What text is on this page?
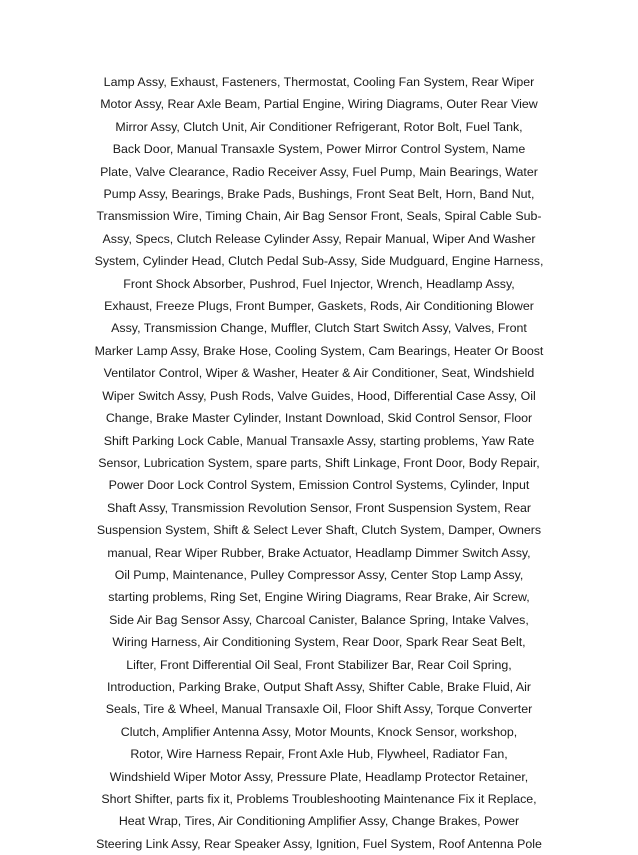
Lamp Assy, Exhaust, Fasteners, Thermostat, Cooling Fan System, Rear Wiper
Motor Assy, Rear Axle Beam, Partial Engine, Wiring Diagrams, Outer Rear View
Mirror Assy, Clutch Unit, Air Conditioner Refrigerant, Rotor Bolt, Fuel Tank,
Back Door, Manual Transaxle System, Power Mirror Control System, Name
Plate, Valve Clearance, Radio Receiver Assy, Fuel Pump, Main Bearings, Water
Pump Assy, Bearings, Brake Pads, Bushings, Front Seat Belt, Horn, Band Nut,
Transmission Wire, Timing Chain, Air Bag Sensor Front, Seals, Spiral Cable Sub-
Assy, Specs, Clutch Release Cylinder Assy, Repair Manual, Wiper And Washer
System, Cylinder Head, Clutch Pedal Sub-Assy, Side Mudguard, Engine Harness,
Front Shock Absorber, Pushrod, Fuel Injector, Wrench, Headlamp Assy,
Exhaust, Freeze Plugs, Front Bumper, Gaskets, Rods, Air Conditioning Blower
Assy, Transmission Change, Muffler, Clutch Start Switch Assy, Valves, Front
Marker Lamp Assy, Brake Hose, Cooling System, Cam Bearings, Heater Or Boost
Ventilator Control, Wiper & Washer, Heater & Air Conditioner, Seat, Windshield
Wiper Switch Assy, Push Rods, Valve Guides, Hood, Differential Case Assy, Oil
Change, Brake Master Cylinder, Instant Download, Skid Control Sensor, Floor
Shift Parking Lock Cable, Manual Transaxle Assy, starting problems, Yaw Rate
Sensor, Lubrication System, spare parts, Shift Linkage, Front Door, Body Repair,
Power Door Lock Control System, Emission Control Systems, Cylinder, Input
Shaft Assy, Transmission Revolution Sensor, Front Suspension System, Rear
Suspension System, Shift & Select Lever Shaft, Clutch System, Damper, Owners
manual, Rear Wiper Rubber, Brake Actuator, Headlamp Dimmer Switch Assy,
Oil Pump, Maintenance, Pulley Compressor Assy, Center Stop Lamp Assy,
starting problems, Ring Set, Engine Wiring Diagrams, Rear Brake, Air Screw,
Side Air Bag Sensor Assy, Charcoal Canister, Balance Spring, Intake Valves,
Wiring Harness, Air Conditioning System, Rear Door, Spark Rear Seat Belt,
Lifter, Front Differential Oil Seal, Front Stabilizer Bar, Rear Coil Spring,
Introduction, Parking Brake, Output Shaft Assy, Shifter Cable, Brake Fluid, Air
Seals, Tire & Wheel, Manual Transaxle Oil, Floor Shift Assy, Torque Converter
Clutch, Amplifier Antenna Assy, Motor Mounts, Knock Sensor, workshop,
Rotor, Wire Harness Repair, Front Axle Hub, Flywheel, Radiator Fan,
Windshield Wiper Motor Assy, Pressure Plate, Headlamp Protector Retainer,
Short Shifter, parts fix it, Problems Troubleshooting Maintenance Fix it Replace,
Heat Wrap, Tires, Air Conditioning Amplifier Assy, Change Brakes, Power
Steering Link Assy, Rear Speaker Assy, Ignition, Fuel System, Roof Antenna Pole
